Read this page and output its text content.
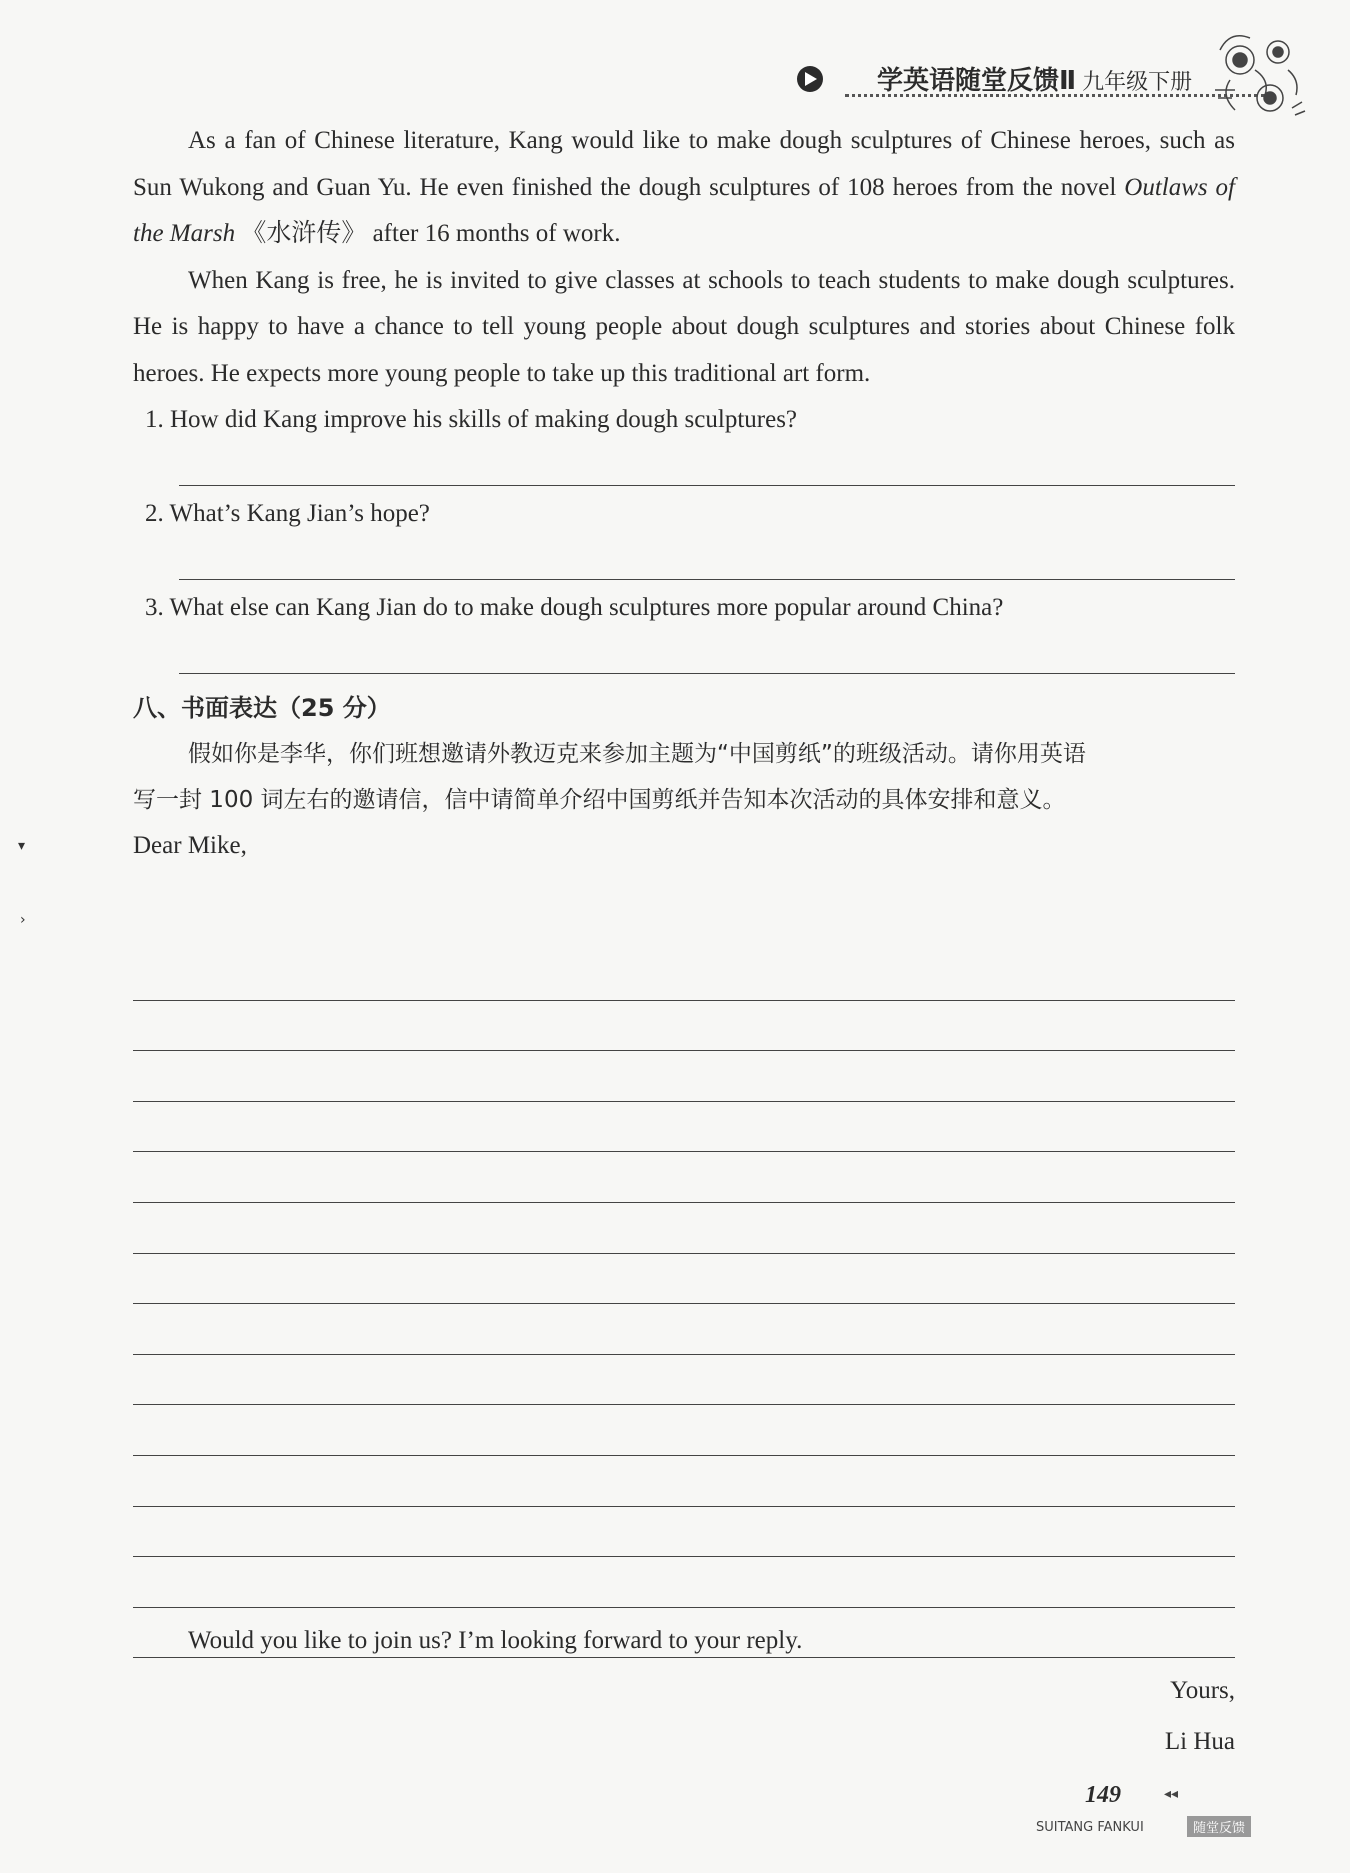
学英语随堂反馈Ⅱ 九年级下册

As a fan of Chinese literature, Kang would like to make dough sculptures of Chinese heroes, such as Sun Wukong and Guan Yu. He even finished the dough sculptures of 108 heroes from the novel Outlaws of the Marsh 《水浒传》 after 16 months of work.

When Kang is free, he is invited to give classes at schools to teach students to make dough sculptures. He is happy to have a chance to tell young people about dough sculptures and stories about Chinese folk heroes. He expects more young people to take up this traditional art form.

1. How did Kang improve his skills of making dough sculptures?

2. What’s Kang Jian’s hope?

3. What else can Kang Jian do to make dough sculptures more popular around China?

八、书面表达（25 分）

假如你是李华，你们班想邀请外教迈克来参加主题为“中国剪纸”的班级活动。请你用英语

写一封 100 词左右的邀请信，信中请简单介绍中国剪纸并告知本次活动的具体安排和意义。

Dear Mike,

Would you like to join us? I’m looking forward to your reply.
Yours,
Li Hua
149	◂◂
SUITANG FANKUI	随堂反馈
▾
›
